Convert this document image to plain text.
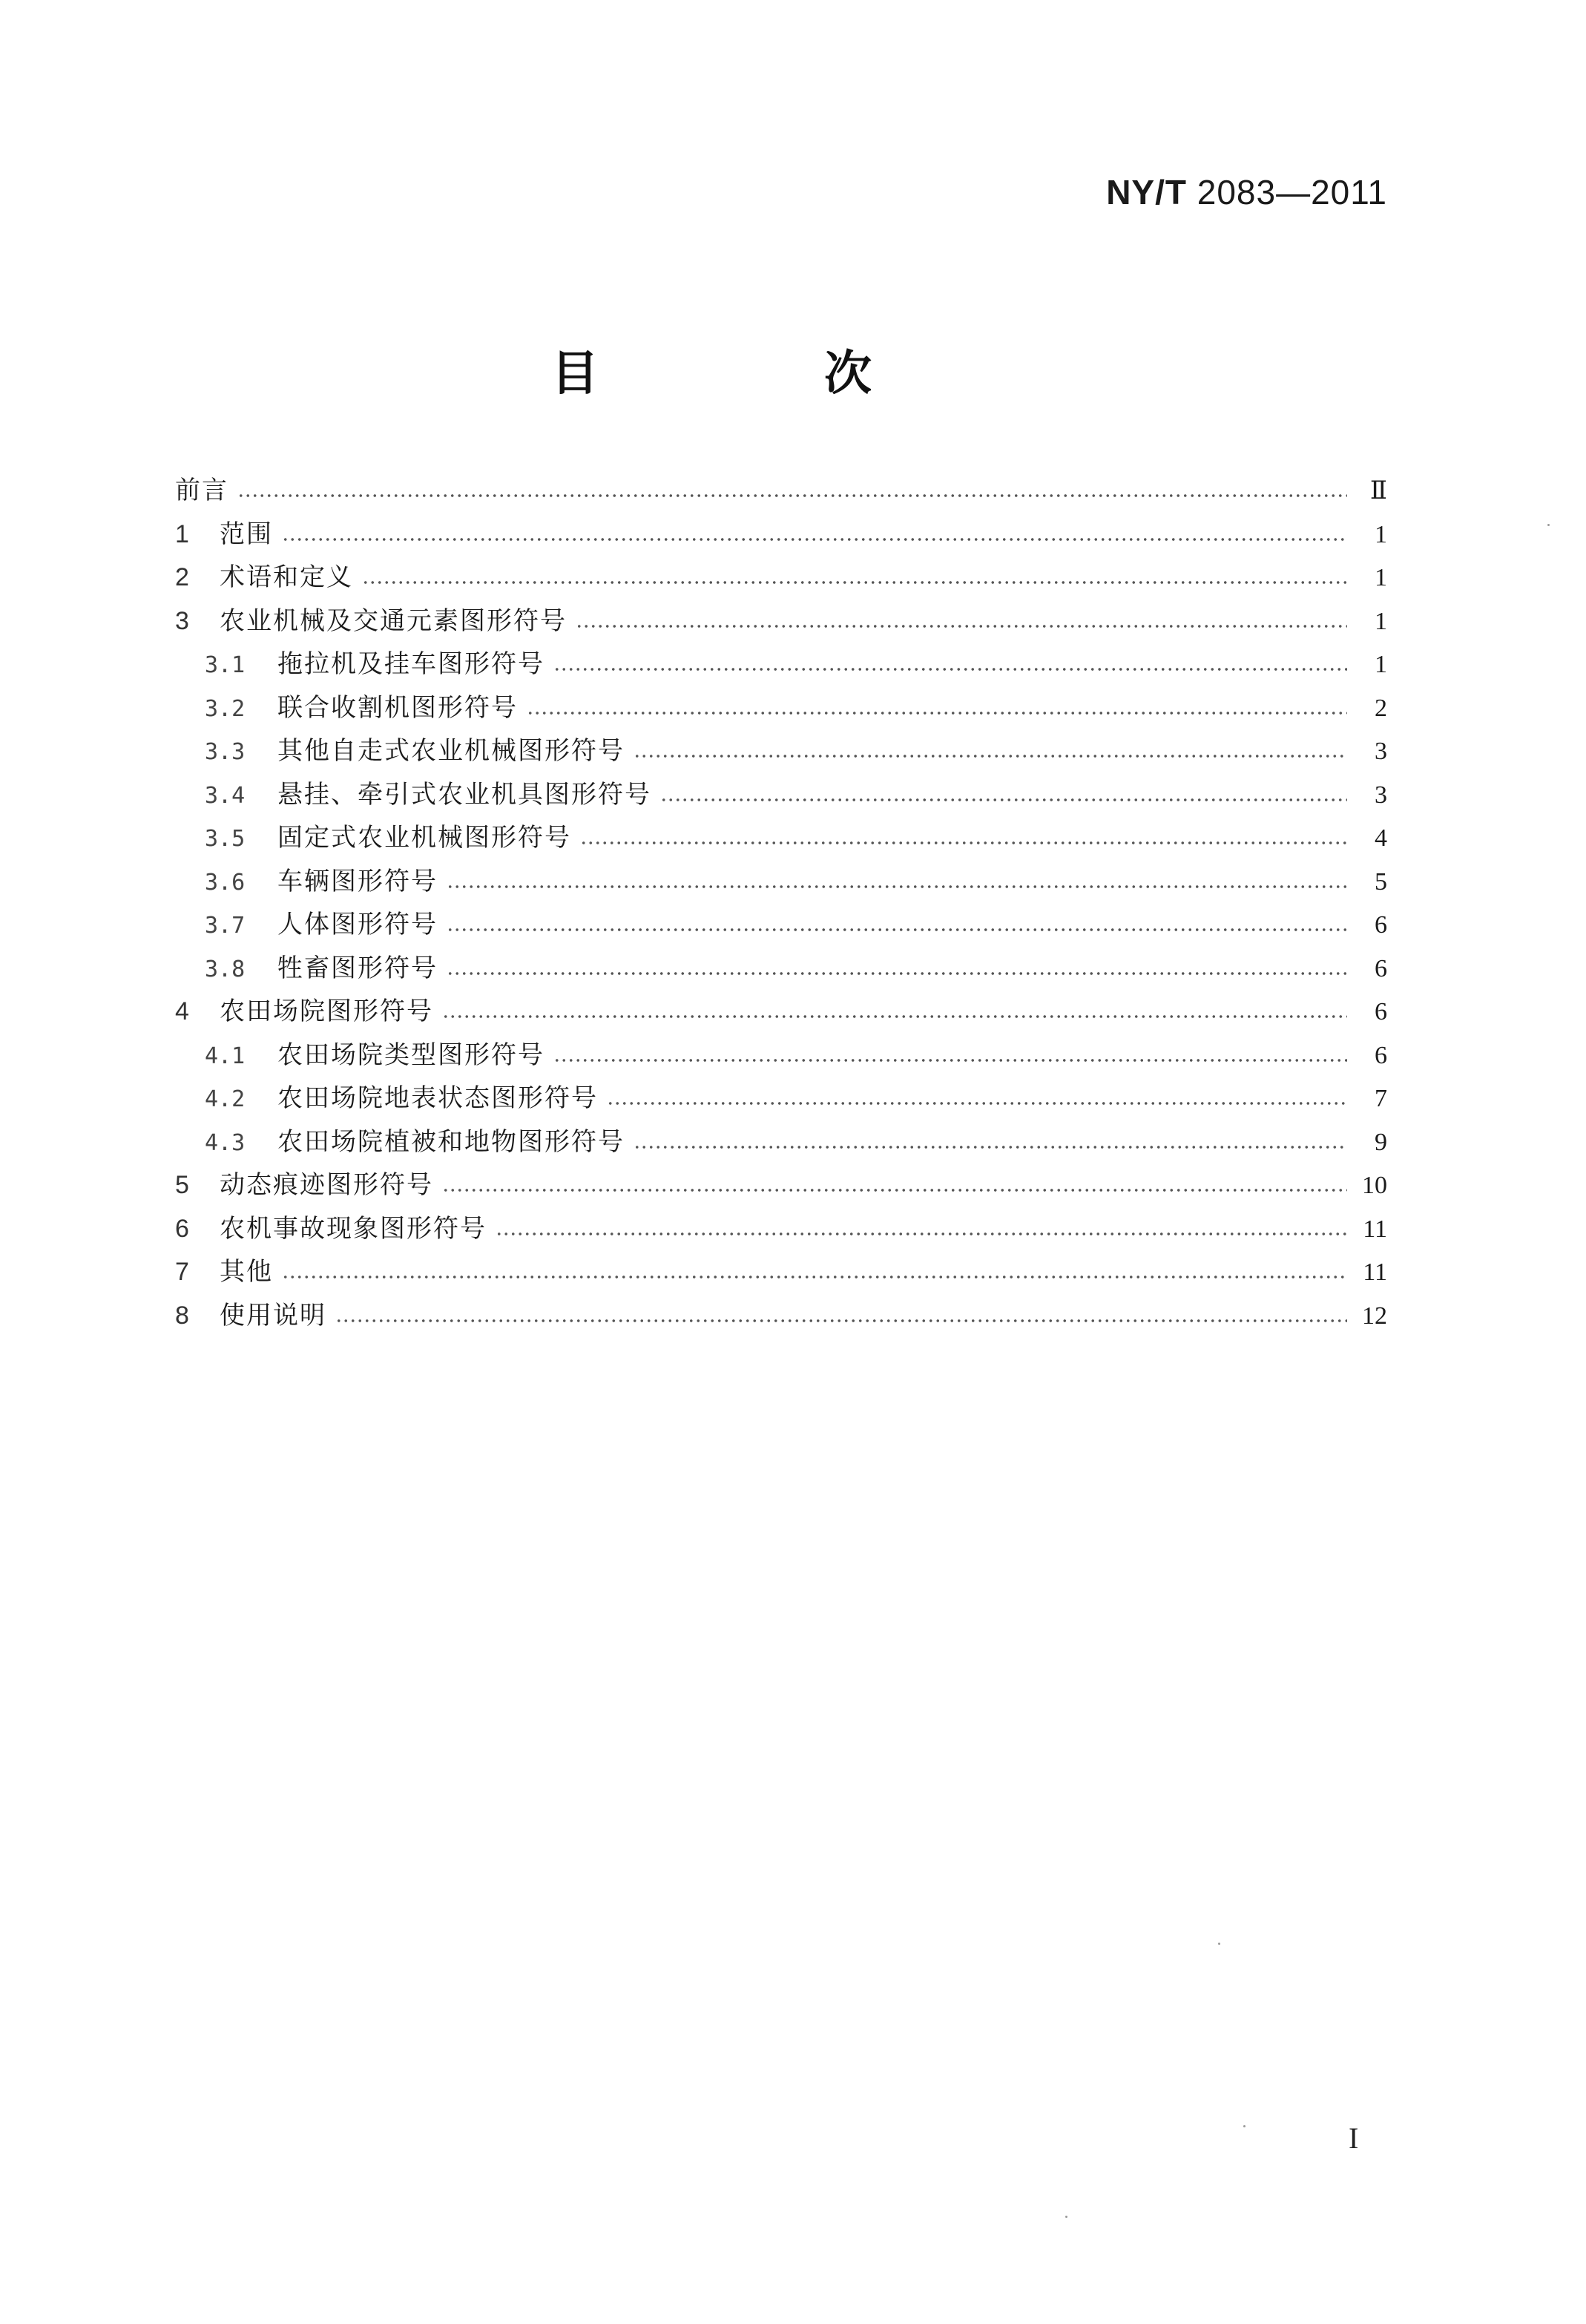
NY/T 2083—2011
目　次
前言	Ⅱ
1	范围	1
2	术语和定义	1
3	农业机械及交通元素图形符号	1
3.1	拖拉机及挂车图形符号	1
3.2	联合收割机图形符号	2
3.3	其他自走式农业机械图形符号	3
3.4	悬挂、牵引式农业机具图形符号	3
3.5	固定式农业机械图形符号	4
3.6	车辆图形符号	5
3.7	人体图形符号	6
3.8	牲畜图形符号	6
4	农田场院图形符号	6
4.1	农田场院类型图形符号	6
4.2	农田场院地表状态图形符号	7
4.3	农田场院植被和地物图形符号	9
5	动态痕迹图形符号	10
6	农机事故现象图形符号	11
7	其他	11
8	使用说明	12
I
